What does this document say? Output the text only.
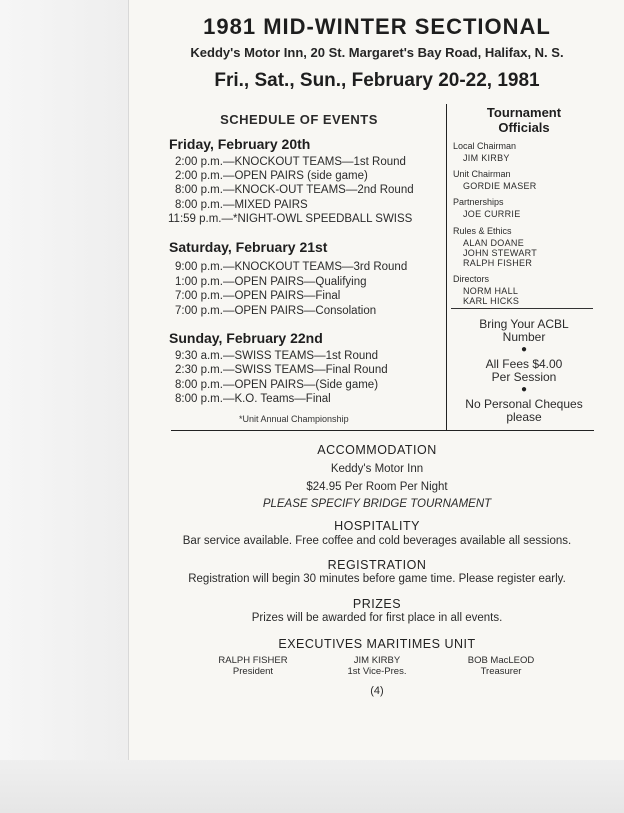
1981 MID-WINTER SECTIONAL
Keddy's Motor Inn, 20 St. Margaret's Bay Road, Halifax, N. S.
Fri., Sat., Sun., February 20-22, 1981
SCHEDULE OF EVENTS
Friday, February 20th
2:00 p.m.—KNOCKOUT TEAMS—1st Round
2:00 p.m.—OPEN PAIRS (side game)
8:00 p.m.—KNOCK-OUT TEAMS—2nd Round
8:00 p.m.—MIXED PAIRS
11:59 p.m.—*NIGHT-OWL SPEEDBALL SWISS
Saturday, February 21st
9:00 p.m.—KNOCKOUT TEAMS—3rd Round
1:00 p.m.—OPEN PAIRS—Qualifying
7:00 p.m.—OPEN PAIRS—Final
7:00 p.m.—OPEN PAIRS—Consolation
Sunday, February 22nd
9:30 a.m.—SWISS TEAMS—1st Round
2:30 p.m.—SWISS TEAMS—Final Round
8:00 p.m.—OPEN PAIRS—(Side game)
8:00 p.m.—K.O. Teams—Final
*Unit Annual Championship
Tournament
Officials
Local Chairman
JIM KIRBY
Unit Chairman
GORDIE MASER
Partnerships
JOE CURRIE
Rules & Ethics
ALAN DOANE
JOHN STEWART
RALPH FISHER
Directors
NORM HALL
KARL HICKS
Bring Your ACBL
Number
●
All Fees $4.00
Per Session
●
No Personal Cheques
please
ACCOMMODATION
Keddy's Motor Inn
$24.95 Per Room Per Night
PLEASE SPECIFY BRIDGE TOURNAMENT
HOSPITALITY
Bar service available. Free coffee and cold beverages available all sessions.
REGISTRATION
Registration will begin 30 minutes before game time. Please register early.
PRIZES
Prizes will be awarded for first place in all events.
EXECUTIVES MARITIMES UNIT
RALPH FISHER
President
JIM KIRBY
1st Vice-Pres.
BOB MacLEOD
Treasurer
(4)
